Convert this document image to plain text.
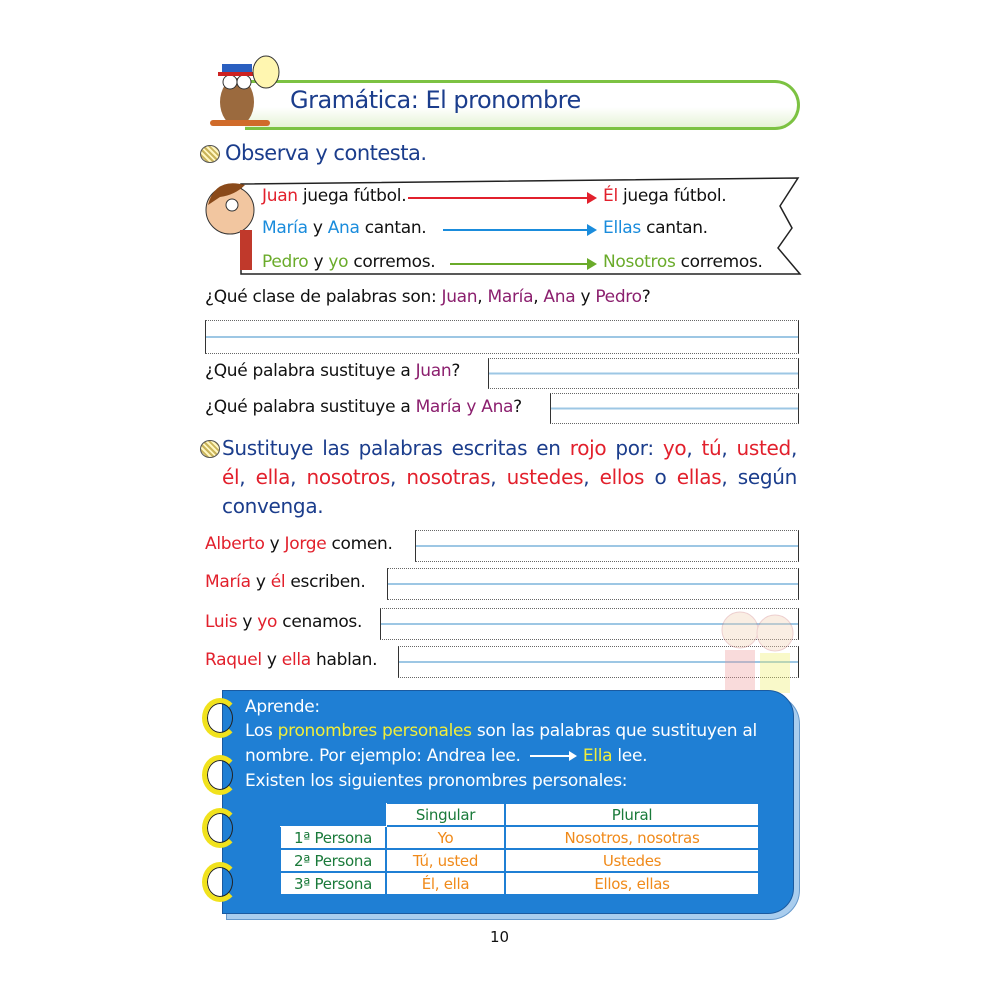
Gramática: El pronombre
Observa y contesta.
Juan juega fútbol.	Él juega fútbol.
María y Ana cantan.	Ellas cantan.
Pedro y yo corremos.	Nosotros corremos.
¿Qué clase de palabras son: Juan, María, Ana y Pedro?
¿Qué palabra sustituye a Juan?
¿Qué palabra sustituye a María y Ana?
Sustituye las palabras escritas en rojo por: yo, tú, usted, él, ella, nosotros, nosotras, ustedes, ellos o ellas, según convenga.
Alberto y Jorge comen.
María y él escriben.
Luis y yo cenamos.
Raquel y ella hablan.
Aprende:
Los pronombres personales son las palabras que sustituyen al
nombre. Por ejemplo: Andrea lee.	Ella lee.
Existen los siguientes pronombres personales:
	Singular	Plural
1ª Persona	Yo	Nosotros, nosotras
2ª Persona	Tú, usted	Ustedes
3ª Persona	Él, ella	Ellos, ellas
10
